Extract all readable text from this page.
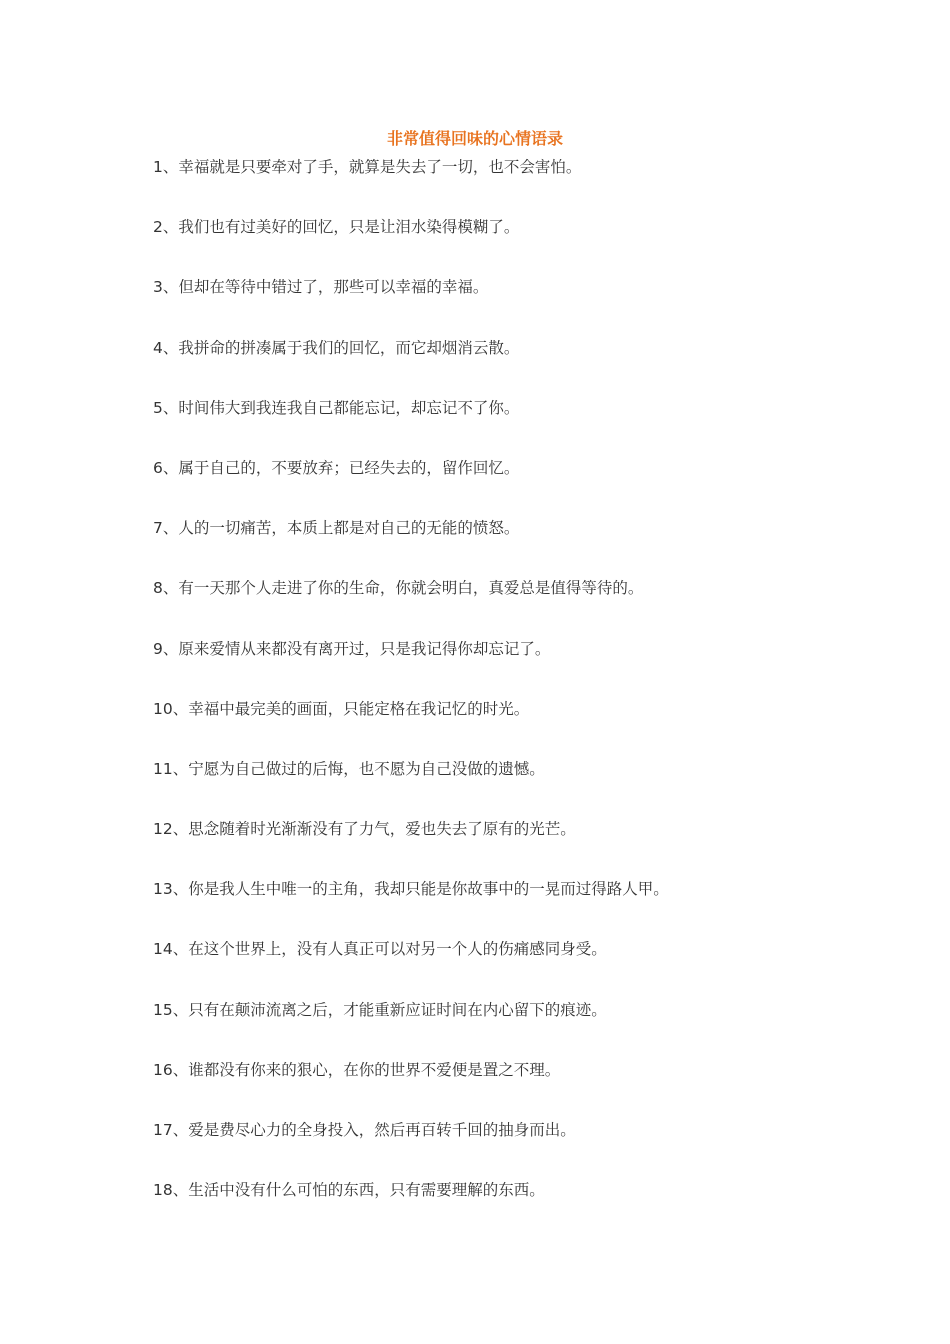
非常值得回味的心情语录
1、幸福就是只要牵对了手，就算是失去了一切，也不会害怕。
2、我们也有过美好的回忆，只是让泪水染得模糊了。
3、但却在等待中错过了，那些可以幸福的幸福。
4、我拼命的拼凑属于我们的回忆，而它却烟消云散。
5、时间伟大到我连我自己都能忘记，却忘记不了你。
6、属于自己的，不要放弃；已经失去的，留作回忆。
7、人的一切痛苦，本质上都是对自己的无能的愤怒。
8、有一天那个人走进了你的生命，你就会明白，真爱总是值得等待的。
9、原来爱情从来都没有离开过，只是我记得你却忘记了。
10、幸福中最完美的画面，只能定格在我记忆的时光。
11、宁愿为自己做过的后悔，也不愿为自己没做的遗憾。
12、思念随着时光渐渐没有了力气，爱也失去了原有的光芒。
13、你是我人生中唯一的主角，我却只能是你故事中的一晃而过得路人甲。
14、在这个世界上，没有人真正可以对另一个人的伤痛感同身受。
15、只有在颠沛流离之后，才能重新应证时间在内心留下的痕迹。
16、谁都没有你来的狠心，在你的世界不爱便是置之不理。
17、爱是费尽心力的全身投入，然后再百转千回的抽身而出。
18、生活中没有什么可怕的东西，只有需要理解的东西。
